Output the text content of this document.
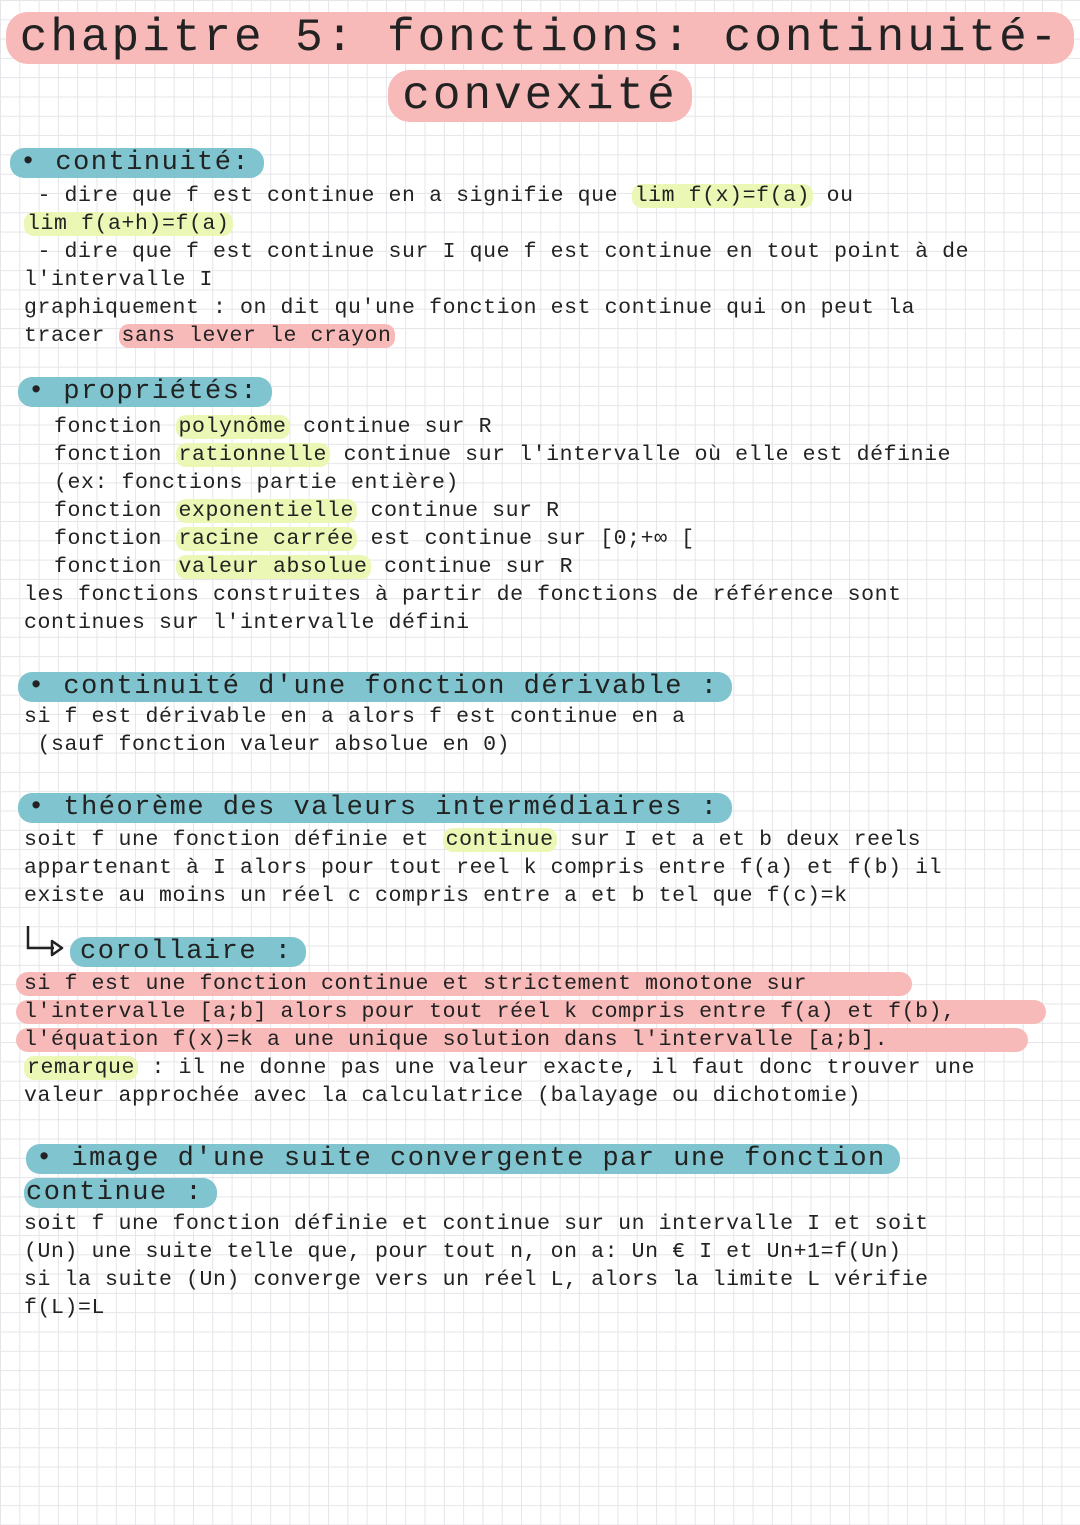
chapitre 5: fonctions: continuité-
convexité
• continuité:
- dire que f est continue en a signifie que lim f(x)=f(a) ou
lim f(a+h)=f(a)
- dire que f est continue sur I que f est continue en tout point à de
l'intervalle I
graphiquement : on dit qu'une fonction est continue qui on peut la
tracer sans lever le crayon
• propriétés:
fonction polynôme continue sur R
fonction rationnelle continue sur l'intervalle où elle est définie
(ex: fonctions partie entière)
fonction exponentielle continue sur R
fonction racine carrée est continue sur [0;+∞ [
fonction valeur absolue continue sur R
les fonctions construites à partir de fonctions de référence sont
continues sur l'intervalle défini
• continuité d'une fonction dérivable :
si f est dérivable en a alors f est continue en a
(sauf fonction valeur absolue en 0)
• théorème des valeurs intermédiaires :
soit f une fonction définie et continue sur I et a et b deux reels
appartenant à I alors pour tout reel k compris entre f(a) et f(b) il
existe au moins un réel c compris entre a et b tel que f(c)=k
corollaire :
si f est une fonction continue et strictement monotone sur
l'intervalle [a;b] alors pour tout réel k compris entre f(a) et f(b),
l'équation f(x)=k a une unique solution dans l'intervalle [a;b].
remarque : il ne donne pas une valeur exacte, il faut donc trouver une
valeur approchée avec la calculatrice (balayage ou dichotomie)
• image d'une suite convergente par une fonction
continue :
soit f une fonction définie et continue sur un intervalle I et soit
(Un) une suite telle que, pour tout n, on a: Un € I et Un+1=f(Un)
si la suite (Un) converge vers un réel L, alors la limite L vérifie
f(L)=L
